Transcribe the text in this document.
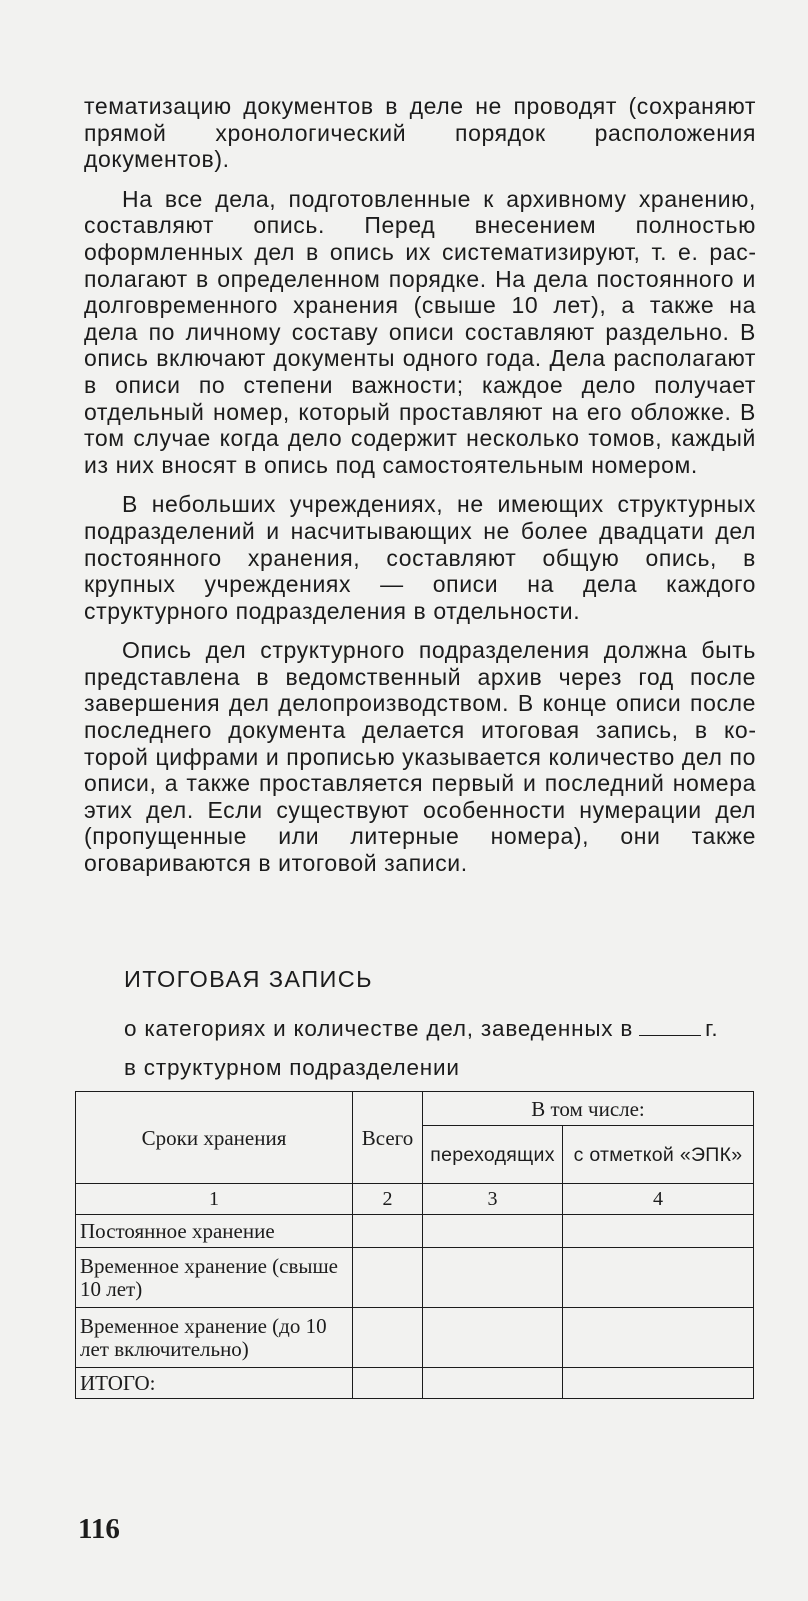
тематизацию документов в деле не проводят (сохраняют прямой хронологический порядок расположения документов).

На все дела, подготовленные к архивному хранению, составляют опись. Перед внесением полностью оформленных дел в опись их систематизируют, т. е. располагают в определенном порядке. На дела постоянного и долговременного хранения (свыше 10 лет), а также на дела по личному составу описи составляют раздельно. В опись включают документы одного года. Дела располагают в описи по степени важности; каждое дело получает отдельный номер, который проставляют на его обложке. В том случае когда дело содержит несколько томов, каждый из них вносят в опись под самостоятельным номером.

В небольших учреждениях, не имеющих структурных подразделений и насчитывающих не более двадцати дел постоянного хранения, составляют общую опись, в крупных учреждениях — описи на дела каждого структурного подразделения в отдельности.

Опись дел структурного подразделения должна быть представлена в ведомственный архив через год после завершения дел делопроизводством. В конце описи после последнего документа делается итоговая запись, в которой цифрами и прописью указывается количество дел по описи, а также проставляется первый и последний номера этих дел. Если существуют особенности нумерации дел (пропущенные или литерные номера), они также оговариваются в итоговой записи.

ИТОГОВАЯ ЗАПИСЬ
о категориях и количестве дел, заведенных в	г.
в структурном подразделении
Сроки хранения	Всего	В том числе:	
		переходящих	с отметкой «ЭПК»
1	2	3	4
Постоянное хранение			
Временное хранение (свыше 10 лет)			
Временное хранение (до 10 лет включительно)			
ИТОГО:			
116
